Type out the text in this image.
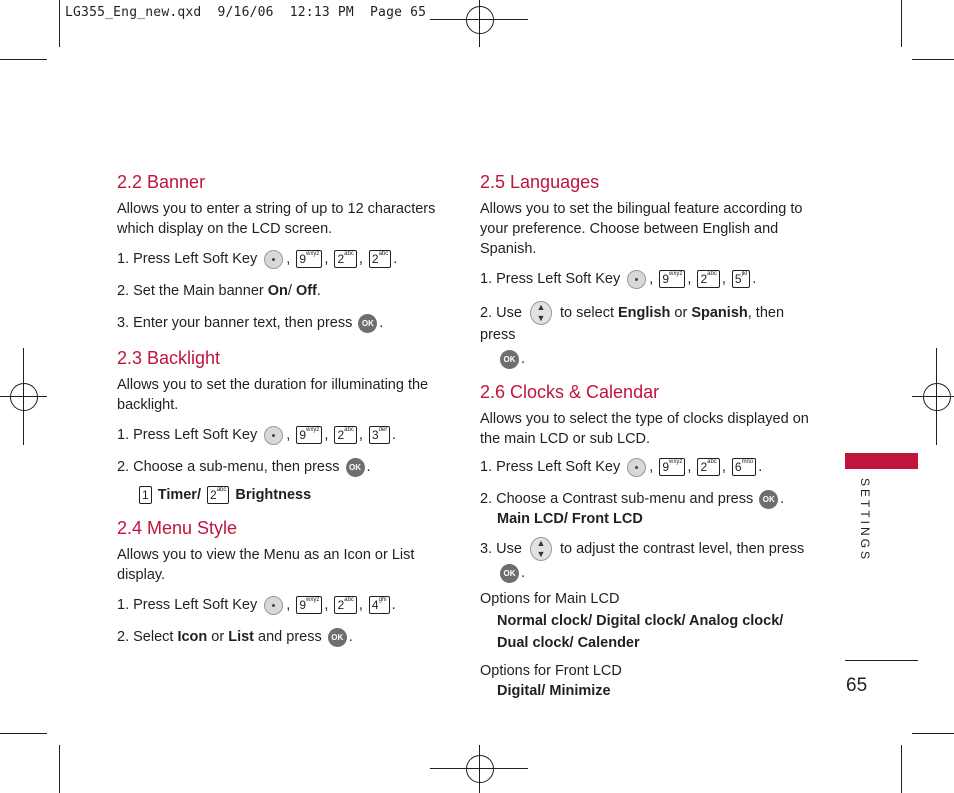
LG355_Eng_new.qxd  9/16/06  12:13 PM  Page 65
2.2 Banner

Allows you to enter a string of up to 12 characters which display on the LCD screen.

1. Press Left Soft Key , $9^{wxyz}$ , $2^{abc}$ , $2^{abc}$ .

2. Set the Main banner On/ Off.

3. Enter your banner text, then press OK .

2.3 Backlight

Allows you to set the duration for illuminating the backlight.

1. Press Left Soft Key , $9^{wxyz}$ , $2^{abc}$ , $3^{def}$ .

2. Choose a sub-menu, then press OK .

1 Timer/ $2^{abc}$ Brightness

2.4 Menu Style

Allows you to view the Menu as an Icon or List display.

1. Press Left Soft Key , $9^{wxyz}$ , $2^{abc}$ , $4^{ghi}$ .

2. Select Icon or List and press OK .

2.5 Languages

Allows you to set the bilingual feature according to your preference. Choose between English and Spanish.

1. Press Left Soft Key , $9^{wxyz}$ , $2^{abc}$ , $5^{jkl}$ .

2. Use ▲
▼ to select English or Spanish, then press

OK .

2.6 Clocks & Calendar

Allows you to select the type of clocks displayed on the main LCD or sub LCD.

1. Press Left Soft Key , $9^{wxyz}$ , $2^{abc}$ , $6^{mno}$ .

2. Choose a Contrast sub-menu and press OK .

Main LCD/ Front LCD

3. Use ▲
▼ to adjust the contrast level, then press

OK .

Options for Main LCD

Normal clock/ Digital clock/ Analog clock/

Dual clock/ Calender

Options for Front LCD

Digital/ Minimize

SETTINGS
65
